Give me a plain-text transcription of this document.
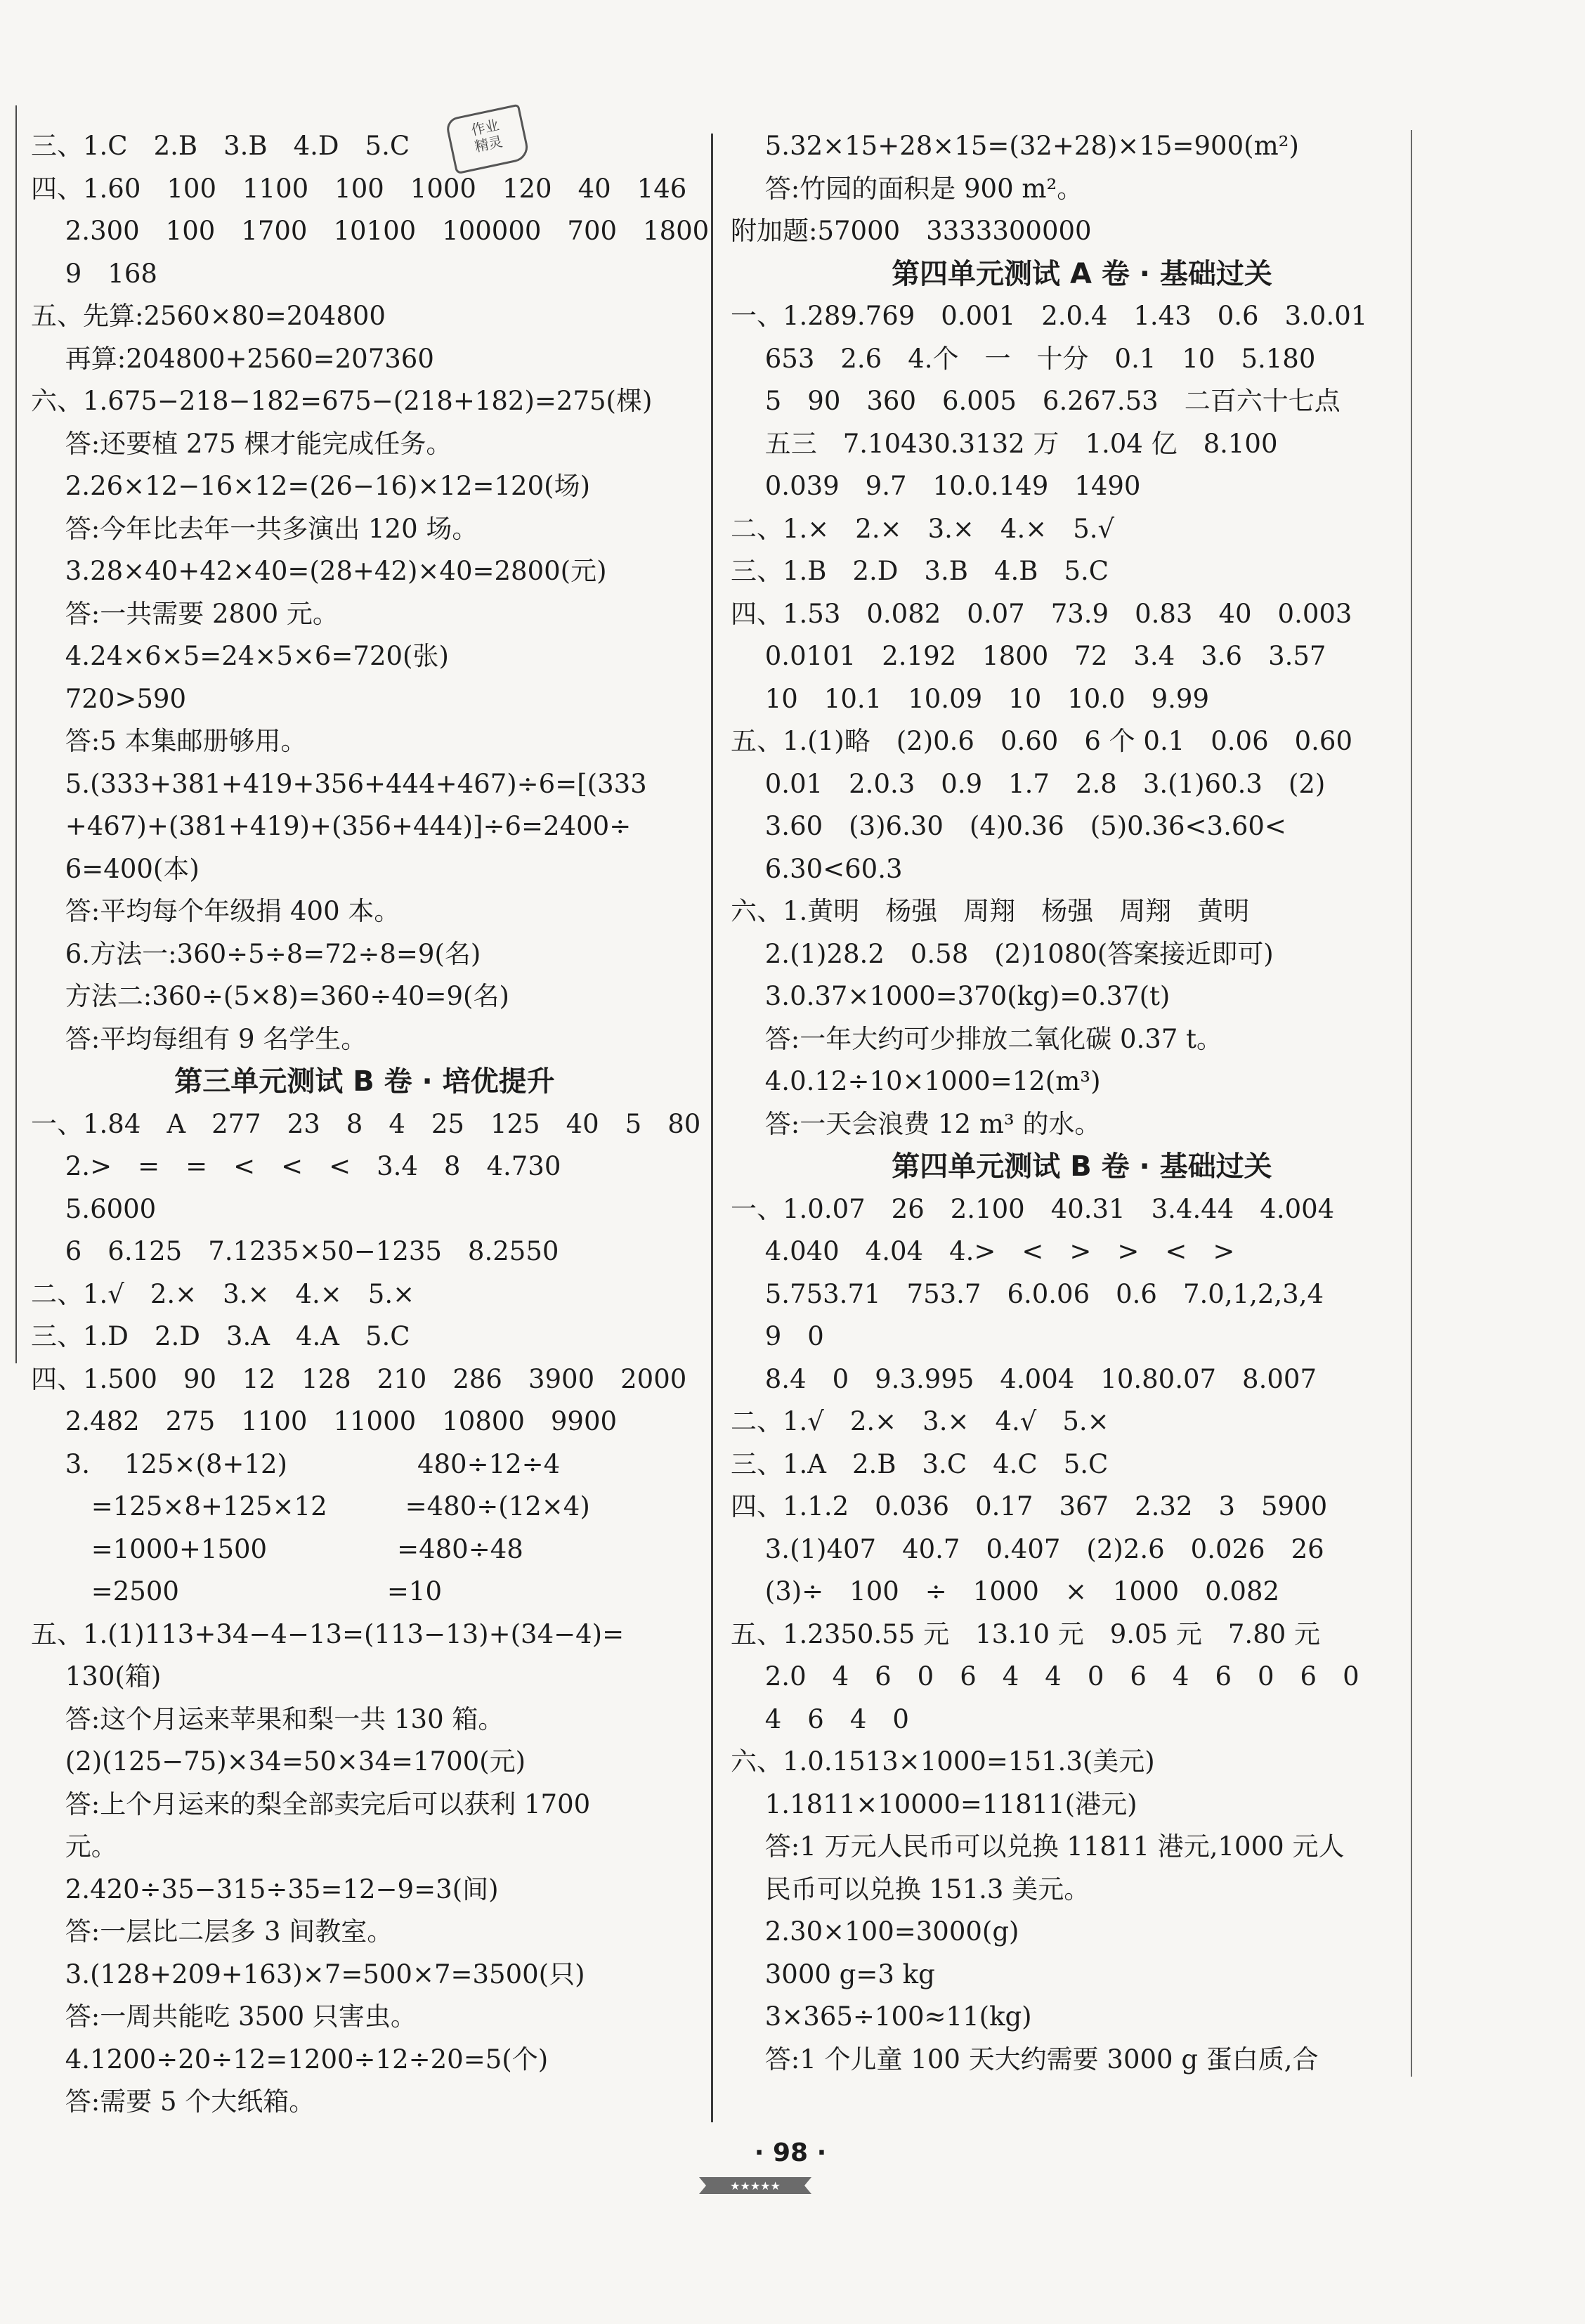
作业
精灵
三、1.C　2.B　3.B　4.D　5.C
四、1.60　100　1100　100　1000　120　40　146
　 2.300　100　1700　10100　100000　700　1800
　 9　168
五、先算:2560×80=204800
　 再算:204800+2560=207360
六、1.675−218−182=675−(218+182)=275(棵)
　 答:还要植 275 棵才能完成任务。
　 2.26×12−16×12=(26−16)×12=120(场)
　 答:今年比去年一共多演出 120 场。
　 3.28×40+42×40=(28+42)×40=2800(元)
　 答:一共需要 2800 元。
　 4.24×6×5=24×5×6=720(张)
　 720>590
　 答:5 本集邮册够用。
　 5.(333+381+419+356+444+467)÷6=[(333
　 +467)+(381+419)+(356+444)]÷6=2400÷
　 6=400(本)
　 答:平均每个年级捐 400 本。
　 6.方法一:360÷5÷8=72÷8=9(名)
　 方法二:360÷(5×8)=360÷40=9(名)
　 答:平均每组有 9 名学生。
第三单元测试 B 卷 · 培优提升
一、1.84　A　277　23　8　4　25　125　40　5　80
　 2.>　=　=　<　<　<　3.4　8　4.730
　 5.6000
　 6　6.125　7.1235×50−1235　8.2550
二、1.√　2.×　3.×　4.×　5.×
三、1.D　2.D　3.A　4.A　5.C
四、1.500　90　12　128　210　286　3900　2000
　 2.482　275　1100　11000　10800　9900
　 3.　 125×(8+12)　　　　　480÷12÷4
　 　=125×8+125×12　　　=480÷(12×4)
　 　=1000+1500　　　　　=480÷48
　 　=2500　　　　　　　　=10
五、1.(1)113+34−4−13=(113−13)+(34−4)=
　 130(箱)
　 答:这个月运来苹果和梨一共 130 箱。
　 (2)(125−75)×34=50×34=1700(元)
　 答:上个月运来的梨全部卖完后可以获利 1700
　 元。
　 2.420÷35−315÷35=12−9=3(间)
　 答:一层比二层多 3 间教室。
　 3.(128+209+163)×7=500×7=3500(只)
　 答:一周共能吃 3500 只害虫。
　 4.1200÷20÷12=1200÷12÷20=5(个)
　 答:需要 5 个大纸箱。
　 5.32×15+28×15=(32+28)×15=900(m²)
　 答:竹园的面积是 900 m²。
附加题:57000　3333300000
第四单元测试 A 卷 · 基础过关
一、1.289.769　0.001　2.0.4　1.43　0.6　3.0.01
　 653　2.6　4.个　一　十分　0.1　10　5.180
　 5　90　360　6.005　6.267.53　二百六十七点
　 五三　7.10430.3132 万　1.04 亿　8.100
　 0.039　9.7　10.0.149　1490
二、1.×　2.×　3.×　4.×　5.√
三、1.B　2.D　3.B　4.B　5.C
四、1.53　0.082　0.07　73.9　0.83　40　0.003
　 0.0101　2.192　1800　72　3.4　3.6　3.57
　 10　10.1　10.09　10　10.0　9.99
五、1.(1)略　(2)0.6　0.60　6 个 0.1　0.06　0.60
　 0.01　2.0.3　0.9　1.7　2.8　3.(1)60.3　(2)
　 3.60　(3)6.30　(4)0.36　(5)0.36<3.60<
　 6.30<60.3
六、1.黄明　杨强　周翔　杨强　周翔　黄明
　 2.(1)28.2　0.58　(2)1080(答案接近即可)
　 3.0.37×1000=370(kg)=0.37(t)
　 答:一年大约可少排放二氧化碳 0.37 t。
　 4.0.12÷10×1000=12(m³)
　 答:一天会浪费 12 m³ 的水。
第四单元测试 B 卷 · 基础过关
一、1.0.07　26　2.100　40.31　3.4.44　4.004
　 4.040　4.04　4.>　<　>　>　<　>
　 5.753.71　753.7　6.0.06　0.6　7.0,1,2,3,4
　 9　0
　 8.4　0　9.3.995　4.004　10.80.07　8.007
二、1.√　2.×　3.×　4.√　5.×
三、1.A　2.B　3.C　4.C　5.C
四、1.1.2　0.036　0.17　367　2.32　3　5900
　 3.(1)407　40.7　0.407　(2)2.6　0.026　26
　 (3)÷　100　÷　1000　×　1000　0.082
五、1.2350.55 元　13.10 元　9.05 元　7.80 元
　 2.0　4　6　0　6　4　4　0　6　4　6　0　6　0
　 4　6　4　0
六、1.0.1513×1000=151.3(美元)
　 1.1811×10000=11811(港元)
　 答:1 万元人民币可以兑换 11811 港元,1000 元人
　 民币可以兑换 151.3 美元。
　 2.30×100=3000(g)
　 3000 g=3 kg
　 3×365÷100≈11(kg)
　 答:1 个儿童 100 天大约需要 3000 g 蛋白质,合
· 98 ·
★★★★★
